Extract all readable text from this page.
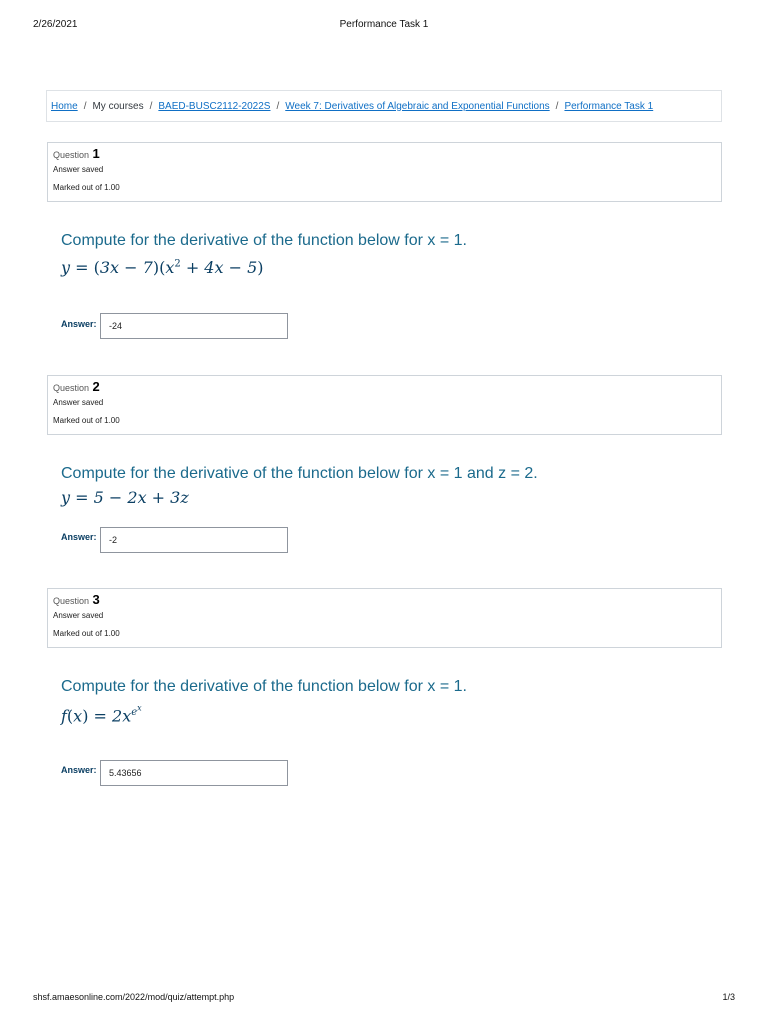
2/26/2021	Performance Task 1
Home / My courses / BAED-BUSC2112-2022S / Week 7: Derivatives of Algebraic and Exponential Functions / Performance Task 1
Question 1
Answer saved
Marked out of 1.00
Compute for the derivative of the function below for x = 1.
$y = (3x - 7)(x^2 + 4x - 5)$
Answer:
-24
Question 2
Answer saved
Marked out of 1.00
Compute for the derivative of the function below for x = 1 and z = 2.
y = 5 − 2x + 3z
Answer:
-2
Question 3
Answer saved
Marked out of 1.00
Compute for the derivative of the function below for x = 1.
$f(x) = 2x^{e^x}$
Answer:
5.43656
shsf.amaesonline.com/2022/mod/quiz/attempt.php	1/3
